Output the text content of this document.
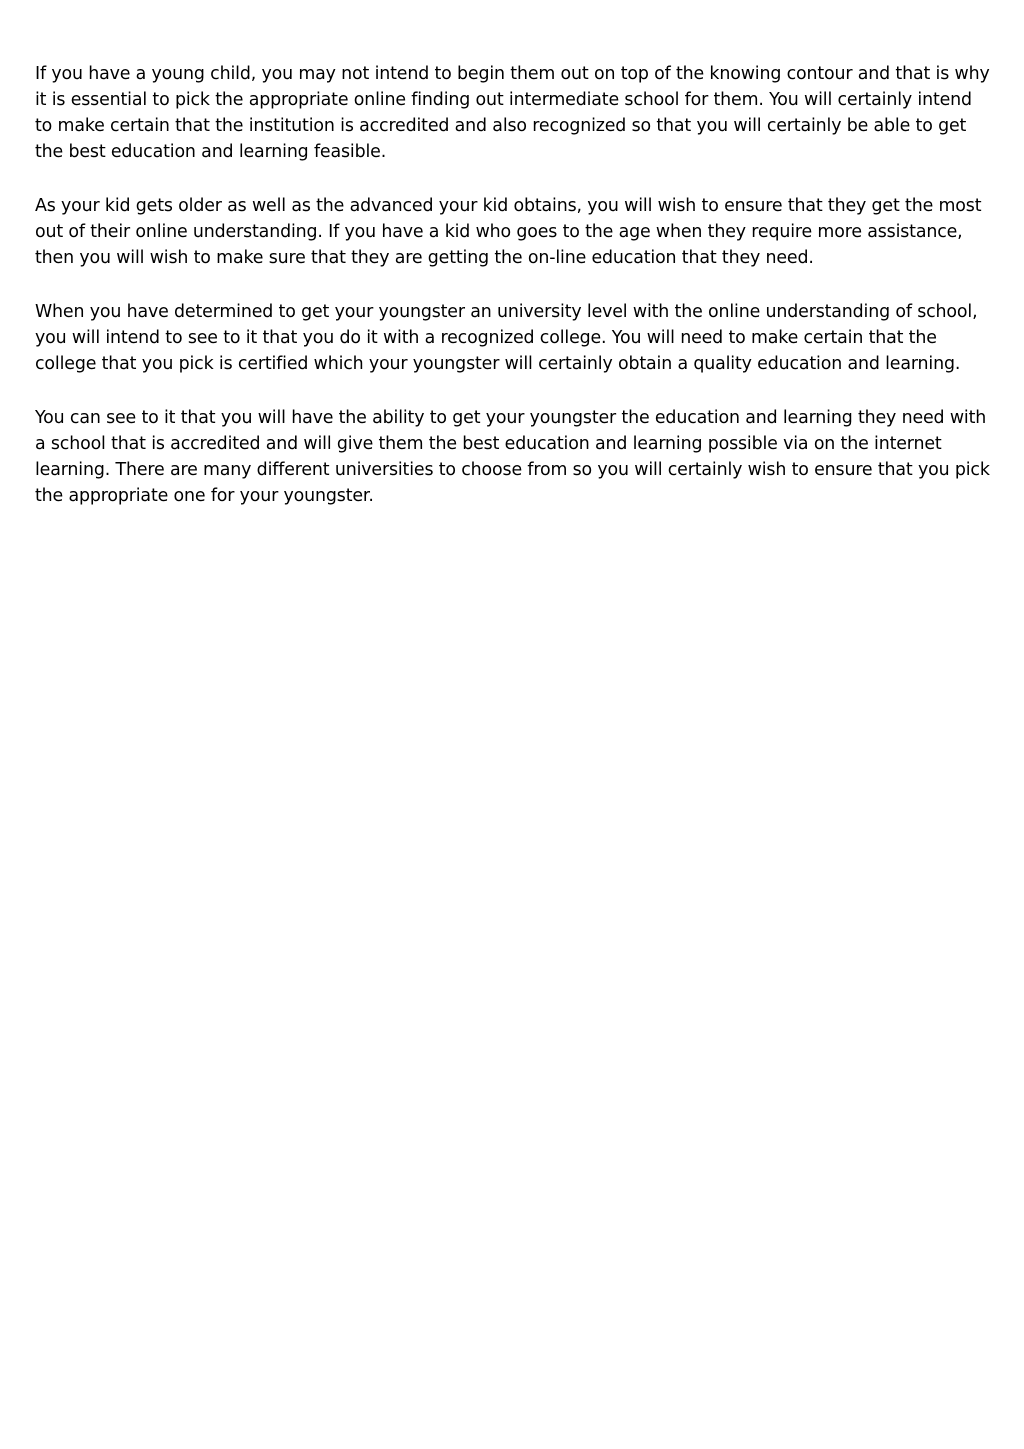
If you have a young child, you may not intend to begin them out on top of the knowing contour and that is why it is essential to pick the appropriate online finding out intermediate school for them. You will certainly intend to make certain that the institution is accredited and also recognized so that you will certainly be able to get the best education and learning feasible.

As your kid gets older as well as the advanced your kid obtains, you will wish to ensure that they get the most out of their online understanding. If you have a kid who goes to the age when they require more assistance, then you will wish to make sure that they are getting the on-line education that they need.

When you have determined to get your youngster an university level with the online understanding of school, you will intend to see to it that you do it with a recognized college. You will need to make certain that the college that you pick is certified which your youngster will certainly obtain a quality education and learning.

You can see to it that you will have the ability to get your youngster the education and learning they need with a school that is accredited and will give them the best education and learning possible via on the internet learning. There are many different universities to choose from so you will certainly wish to ensure that you pick the appropriate one for your youngster.
